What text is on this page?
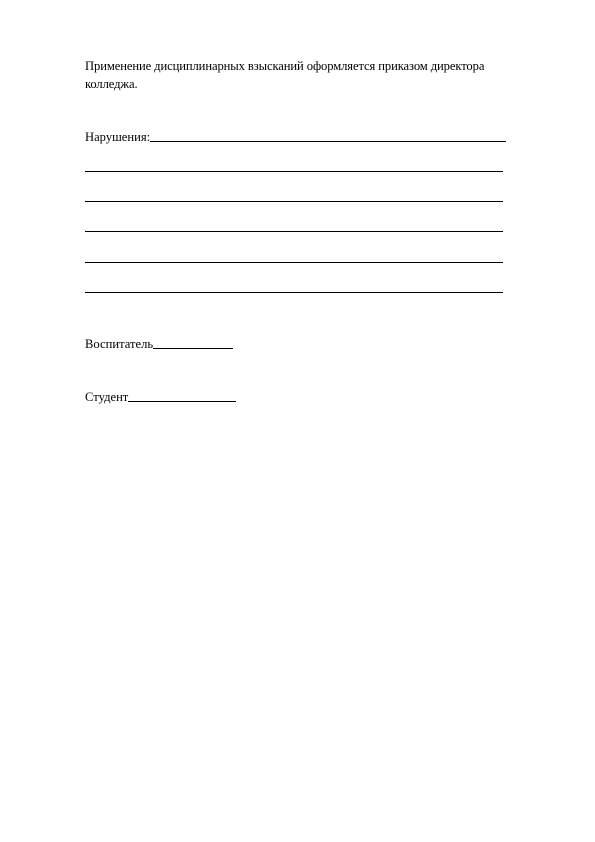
Применение дисциплинарных взысканий оформляется приказом директора колледжа.
Нарушения:
Воспитатель
Студент
